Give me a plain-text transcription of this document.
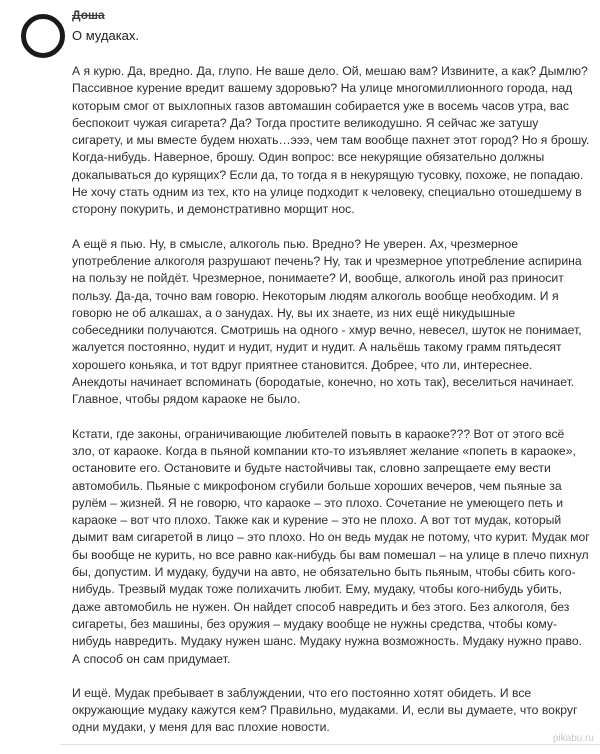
Доша
О мудаках.

А я курю. Да, вредно. Да, глупо. Не ваше дело. Ой, мешаю вам? Извините, а как? Дымлю? Пассивное курение вредит вашему здоровью? На улице многомиллионного города, над которым смог от выхлопных газов автомашин собирается уже в восемь часов утра, вас беспокоит чужая сигарета? Да? Тогда простите великодушно. Я сейчас же затушу сигарету, и мы вместе будем нюхать…эээ, чем там вообще пахнет этот город? Но я брошу. Когда-нибудь. Наверное, брошу. Один вопрос: все некурящие обязательно должны докапываться до курящих? Если да, то тогда я в некурящую тусовку, похоже, не попадаю. Не хочу стать одним из тех, кто на улице подходит к человеку, специально отошедшему в сторону покурить, и демонстративно морщит нос.

А ещё я пью. Ну, в смысле, алкоголь пью. Вредно? Не уверен. Ах, чрезмерное употребление алкоголя разрушают печень? Ну, так и чрезмерное употребление аспирина на пользу не пойдёт. Чрезмерное, понимаете? И, вообще, алкоголь иной раз приносит пользу. Да-да, точно вам говорю. Некоторым людям алкоголь вообще необходим. И я говорю не об алкашах, а о занудах. Ну, вы их знаете, из них ещё никудышные собеседники получаются. Смотришь на одного - хмур вечно, невесел, шуток не понимает, жалуется постоянно, нудит и нудит, нудит и нудит. А нальёшь такому грамм пятьдесят хорошего коньяка, и тот вдруг приятнее становится. Добрее, что ли, интереснее. Анекдоты начинает вспоминать (бородатые, конечно, но хоть так), веселиться начинает. Главное, чтобы рядом караоке не было.

Кстати, где законы, ограничивающие любителей повыть в караоке??? Вот от этого всё зло, от караоке. Когда в пьяной компании кто-то изъявляет желание «попеть в караоке», остановите его. Остановите и будьте настойчивы так, словно запрещаете ему вести автомобиль. Пьяные с микрофоном сгубили больше хороших вечеров, чем пьяные за рулём – жизней. Я не говорю, что караоке – это плохо. Сочетание не умеющего петь и караоке – вот что плохо. Также как и курение – это не плохо. А вот тот мудак, который дымит вам сигаретой в лицо – это плохо. Но он ведь мудак не потому, что курит. Мудак мог бы вообще не курить, но все равно как-нибудь бы вам помешал – на улице в плечо пихнул бы, допустим. И мудаку, будучи на авто, не обязательно быть пьяным, чтобы сбить кого-нибудь. Трезвый мудак тоже полихачить любит. Ему, мудаку, чтобы кого-нибудь убить, даже автомобиль не нужен. Он найдет способ навредить и без этого. Без алкоголя, без сигареты, без машины, без оружия – мудаку вообще не нужны средства, чтобы кому-нибудь навредить. Мудаку нужен шанс. Мудаку нужна возможность. Мудаку нужно право. А способ он сам придумает.

И ещё. Мудак пребывает в заблуждении, что его постоянно хотят обидеть. И все окружающие мудаку кажутся кем? Правильно, мудаками. И, если вы думаете, что вокруг одни мудаки, у меня для вас плохие новости.

pikabu.ru
